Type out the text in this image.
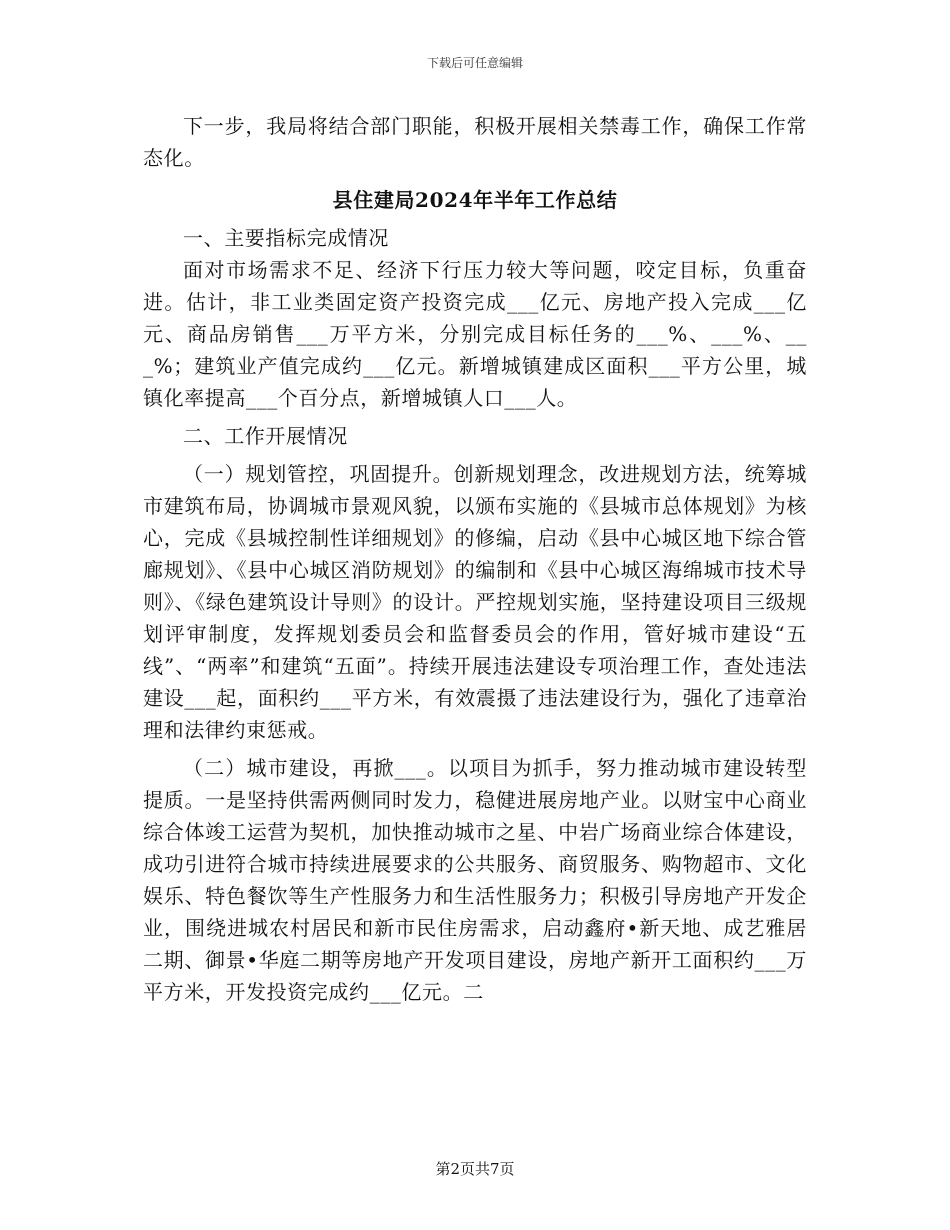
下载后可任意编辑

下一步，我局将结合部门职能，积极开展相关禁毒工作，确保工作常态化。

县住建局2024年半年工作总结

一、主要指标完成情况

面对市场需求不足、经济下行压力较大等问题，咬定目标，负重奋进。估计，非工业类固定资产投资完成___亿元、房地产投入完成___亿元、商品房销售___万平方米，分别完成目标任务的___%、___%、___%；建筑业产值完成约___亿元。新增城镇建成区面积___平方公里，城镇化率提高___个百分点，新增城镇人口___人。

二、工作开展情况

（一）规划管控，巩固提升。创新规划理念，改进规划方法，统筹城市建筑布局，协调城市景观风貌，以颁布实施的《县城市总体规划》为核心，完成《县城控制性详细规划》的修编，启动《县中心城区地下综合管廊规划》、《县中心城区消防规划》的编制和《县中心城区海绵城市技术导则》、《绿色建筑设计导则》的设计。严控规划实施，坚持建设项目三级规划评审制度，发挥规划委员会和监督委员会的作用，管好城市建设“五线”、“两率”和建筑“五面”。持续开展违法建设专项治理工作，查处违法建设___起，面积约___平方米，有效震摄了违法建设行为，强化了违章治理和法律约束惩戒。

（二）城市建设，再掀___。以项目为抓手，努力推动城市建设转型提质。一是坚持供需两侧同时发力，稳健进展房地产业。以财宝中心商业综合体竣工运营为契机，加快推动城市之星、中岩广场商业综合体建设，成功引进符合城市持续进展要求的公共服务、商贸服务、购物超市、文化娱乐、特色餐饮等生产性服务力和生活性服务力；积极引导房地产开发企业，围绕进城农村居民和新市民住房需求，启动鑫府•新天地、成艺雅居二期、御景•华庭二期等房地产开发项目建设，房地产新开工面积约___万平方米，开发投资完成约___亿元。二

第2页共7页
